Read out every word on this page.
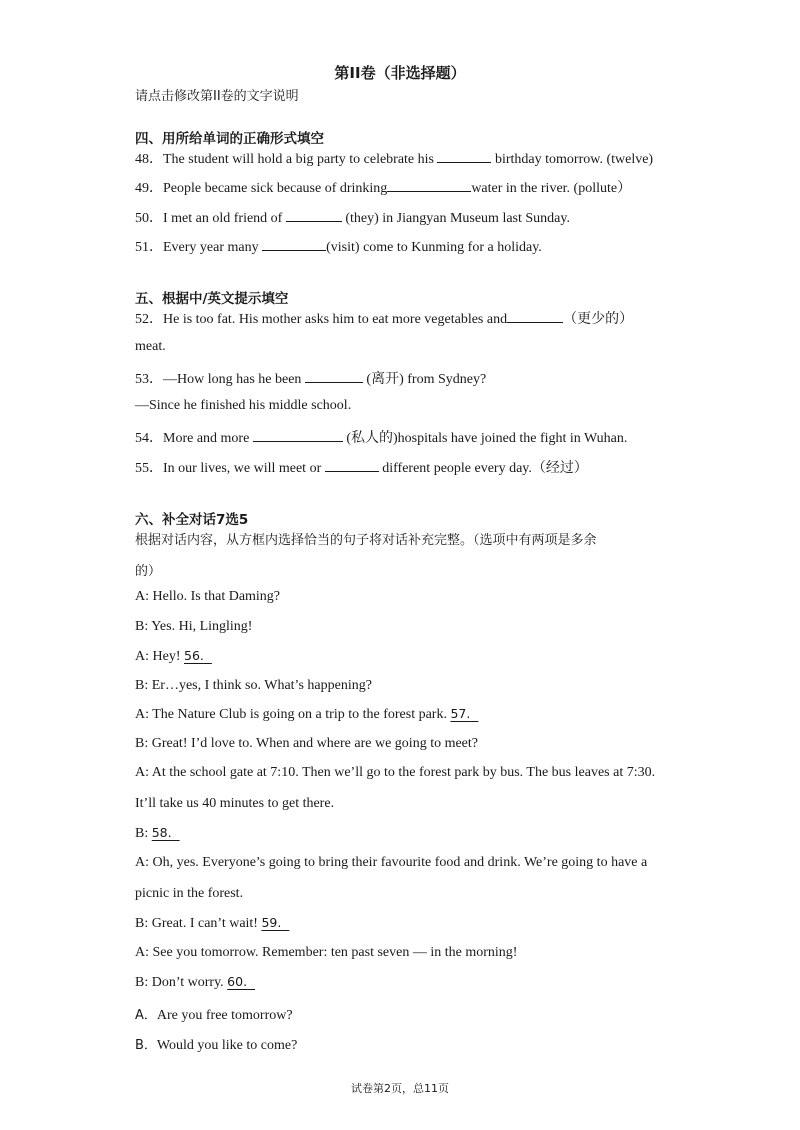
第II卷（非选择题）
请点击修改第II卷的文字说明
四、用所给单词的正确形式填空
48．The student will hold a big party to celebrate his	birthday tomorrow. (twelve)
49．People became sick because of drinking	water in the river. (pollute）
50．I met an old friend of	(they) in Jiangyan Museum last Sunday.
51．Every year many	(visit) come to Kunming for a holiday.
五、根据中/英文提示填空
52．He is too fat. His mother asks him to eat more vegetables and	（更少的）
meat.
53．—How long has he been	(离开) from Sydney?
—Since he finished his middle school.
54．More and more	(私人的)hospitals have joined the fight in Wuhan.
55．In our lives, we will meet or	different people every day.（经过）
六、补全对话7选5
根据对话内容，从方框内选择恰当的句子将对话补充完整。（选项中有两项是多余
的）
A: Hello. Is that Daming?
B: Yes. Hi, Lingling!
A: Hey! 56.
B: Er…yes, I think so. What’s happening?
A: The Nature Club is going on a trip to the forest park. 57.
B: Great! I’d love to. When and where are we going to meet?
A: At the school gate at 7:10. Then we’ll go to the forest park by bus. The bus leaves at 7:30.
It’ll take us 40 minutes to get there.
B: 58.
A: Oh, yes. Everyone’s going to bring their favourite food and drink. We’re going to have a
picnic in the forest.
B: Great. I can’t wait! 59.
A: See you tomorrow. Remember: ten past seven — in the morning!
B: Don’t worry. 60.
A．Are you free tomorrow?
B．Would you like to come?
试卷第2页，总11页
